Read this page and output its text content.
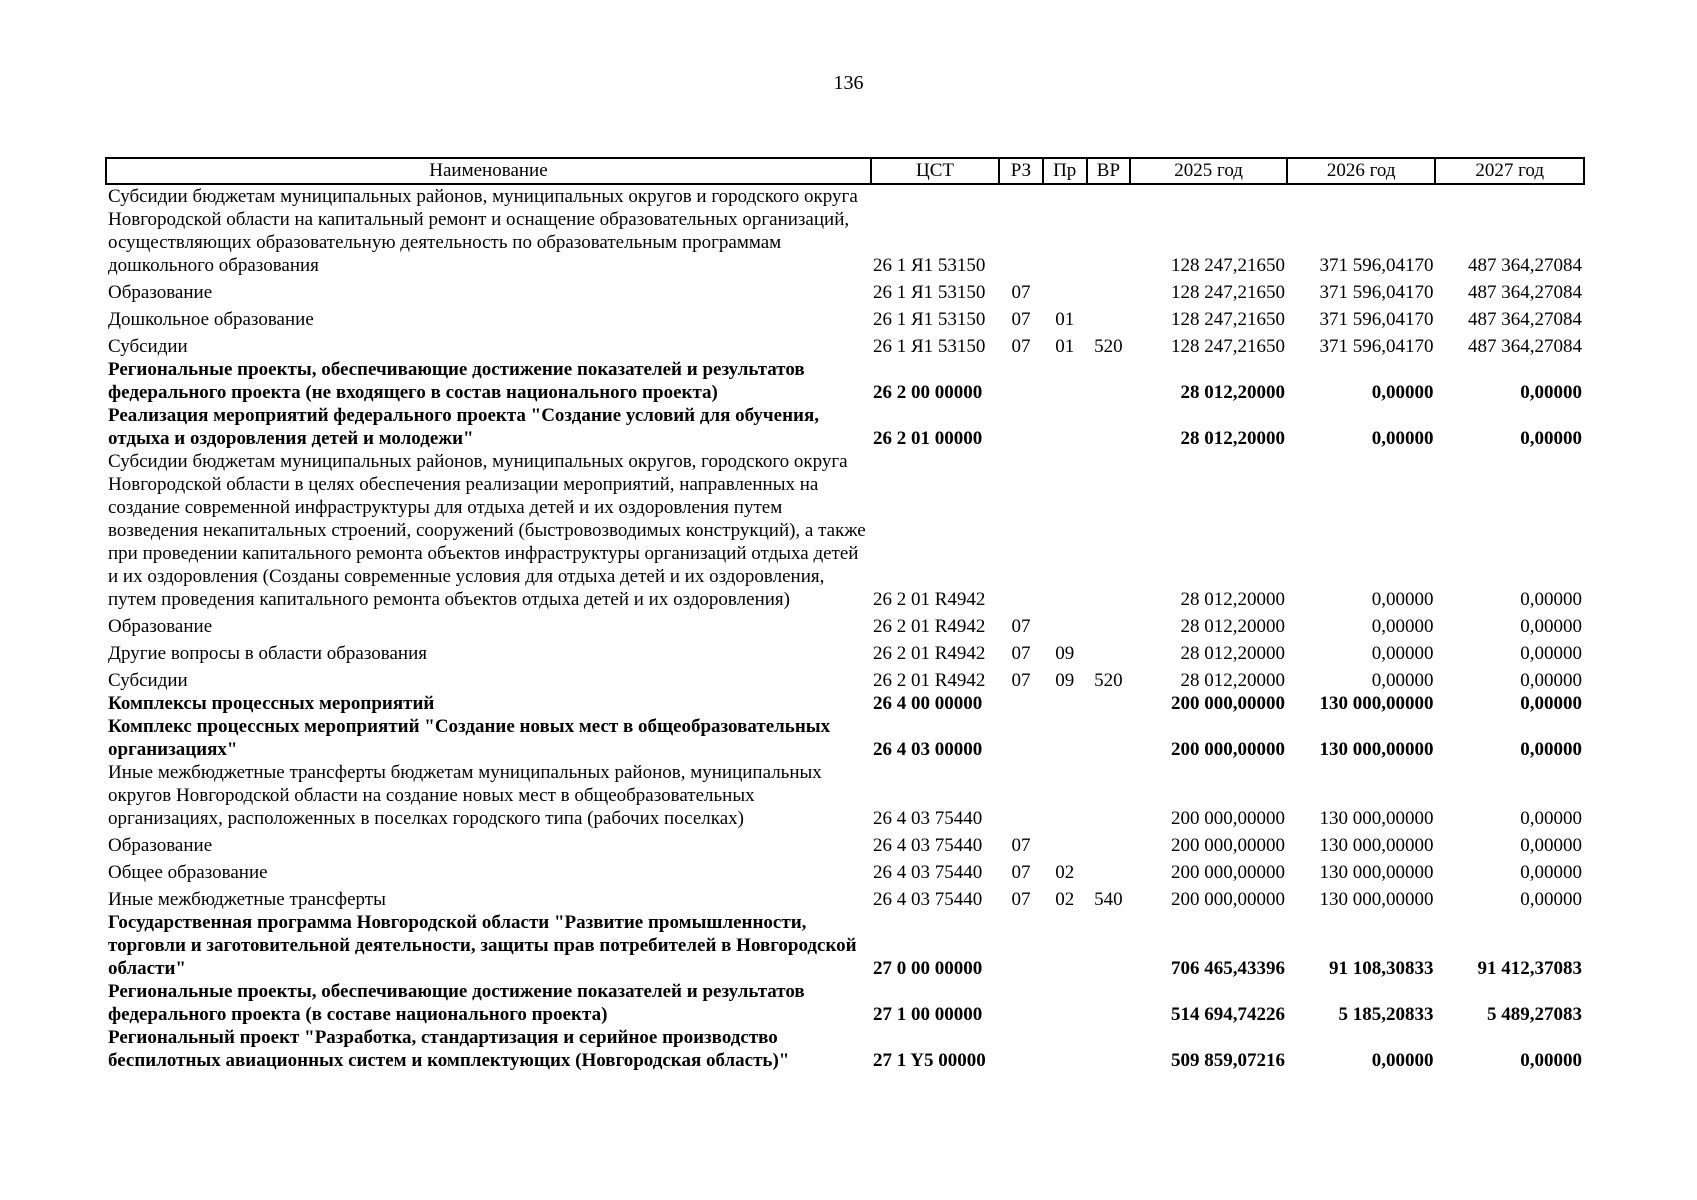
136
Наименование	ЦСТ	РЗ	Пр	ВР	2025 год	2026 год	2027 год
Субсидии бюджетам муниципальных районов, муниципальных округов и городского округа Новгородской области на капитальный ремонт и оснащение образовательных организаций, осуществляющих образовательную деятельность по образовательным программам дошкольного образования	26 1 Я1 53150				128 247,21650	371 596,04170	487 364,27084
Образование	26 1 Я1 53150	07			128 247,21650	371 596,04170	487 364,27084
Дошкольное образование	26 1 Я1 53150	07	01		128 247,21650	371 596,04170	487 364,27084
Субсидии	26 1 Я1 53150	07	01	520	128 247,21650	371 596,04170	487 364,27084
Региональные проекты, обеспечивающие достижение показателей и результатов федерального проекта (не входящего в состав национального проекта)	26 2 00 00000				28 012,20000	0,00000	0,00000
Реализация мероприятий федерального проекта "Создание условий для обучения, отдыха и оздоровления детей и молодежи"	26 2 01 00000				28 012,20000	0,00000	0,00000
Субсидии бюджетам муниципальных районов, муниципальных округов, городского округа Новгородской области в целях обеспечения реализации мероприятий, направленных на создание современной инфраструктуры для отдыха детей и их оздоровления путем возведения некапитальных строений, сооружений (быстровозводимых конструкций), а также при проведении капитального ремонта объектов инфраструктуры организаций отдыха детей и их оздоровления (Созданы современные условия для отдыха детей и их оздоровления, путем проведения капитального ремонта объектов отдыха детей и их оздоровления)	26 2 01 R4942				28 012,20000	0,00000	0,00000
Образование	26 2 01 R4942	07			28 012,20000	0,00000	0,00000
Другие вопросы в области образования	26 2 01 R4942	07	09		28 012,20000	0,00000	0,00000
Субсидии	26 2 01 R4942	07	09	520	28 012,20000	0,00000	0,00000
Комплексы процессных мероприятий	26 4 00 00000				200 000,00000	130 000,00000	0,00000
Комплекс процессных мероприятий "Создание новых мест в общеобразовательных организациях"	26 4 03 00000				200 000,00000	130 000,00000	0,00000
Иные межбюджетные трансферты бюджетам муниципальных районов, муниципальных округов Новгородской области на создание новых мест в общеобразовательных организациях, расположенных в поселках городского типа (рабочих поселках)	26 4 03 75440				200 000,00000	130 000,00000	0,00000
Образование	26 4 03 75440	07			200 000,00000	130 000,00000	0,00000
Общее образование	26 4 03 75440	07	02		200 000,00000	130 000,00000	0,00000
Иные межбюджетные трансферты	26 4 03 75440	07	02	540	200 000,00000	130 000,00000	0,00000
Государственная программа Новгородской области "Развитие промышленности, торговли и заготовительной деятельности, защиты прав потребителей в Новгородской области"	27 0 00 00000				706 465,43396	91 108,30833	91 412,37083
Региональные проекты, обеспечивающие достижение показателей и результатов федерального проекта (в составе национального проекта)	27 1 00 00000				514 694,74226	5 185,20833	5 489,27083
Региональный проект "Разработка, стандартизация и серийное производство беспилотных авиационных систем и комплектующих (Новгородская область)"	27 1 Y5 00000				509 859,07216	0,00000	0,00000
